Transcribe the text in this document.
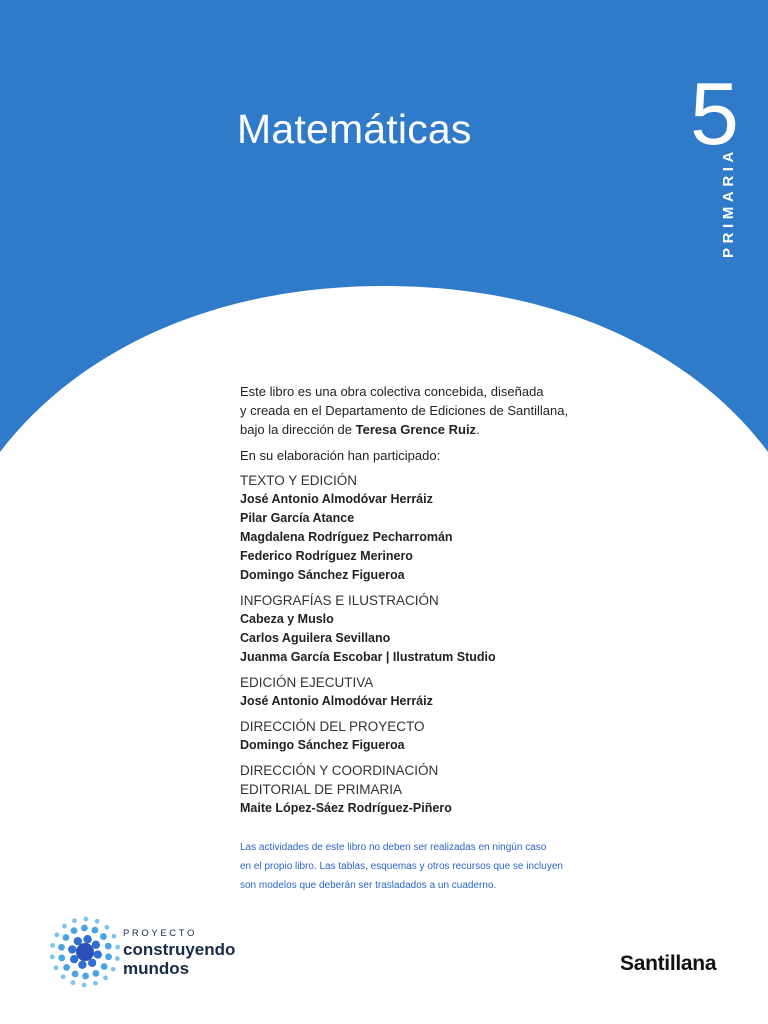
Matemáticas 5
PRIMARIA

Este libro es una obra colectiva concebida, diseñada
y creada en el Departamento de Ediciones de Santillana,
bajo la dirección de Teresa Grence Ruiz.

En su elaboración han participado:

TEXTO Y EDICIÓN
José Antonio Almodóvar Herráiz
Pilar García Atance
Magdalena Rodríguez Pecharromán
Federico Rodríguez Merinero
Domingo Sánchez Figueroa
INFOGRAFÍAS E ILUSTRACIÓN
Cabeza y Muslo
Carlos Aguilera Sevillano
Juanma García Escobar | Ilustratum Studio
EDICIÓN EJECUTIVA
José Antonio Almodóvar Herráiz
DIRECCIÓN DEL PROYECTO
Domingo Sánchez Figueroa
DIRECCIÓN Y COORDINACIÓN
EDITORIAL DE PRIMARIA
Maite López-Sáez Rodríguez-Piñero
Las actividades de este libro no deben ser realizadas en ningún caso
en el propio libro. Las tablas, esquemas y otros recursos que se incluyen
son modelos que deberán ser trasladados a un cuaderno.
PROYECTO
construyendo
mundos	Santillana
